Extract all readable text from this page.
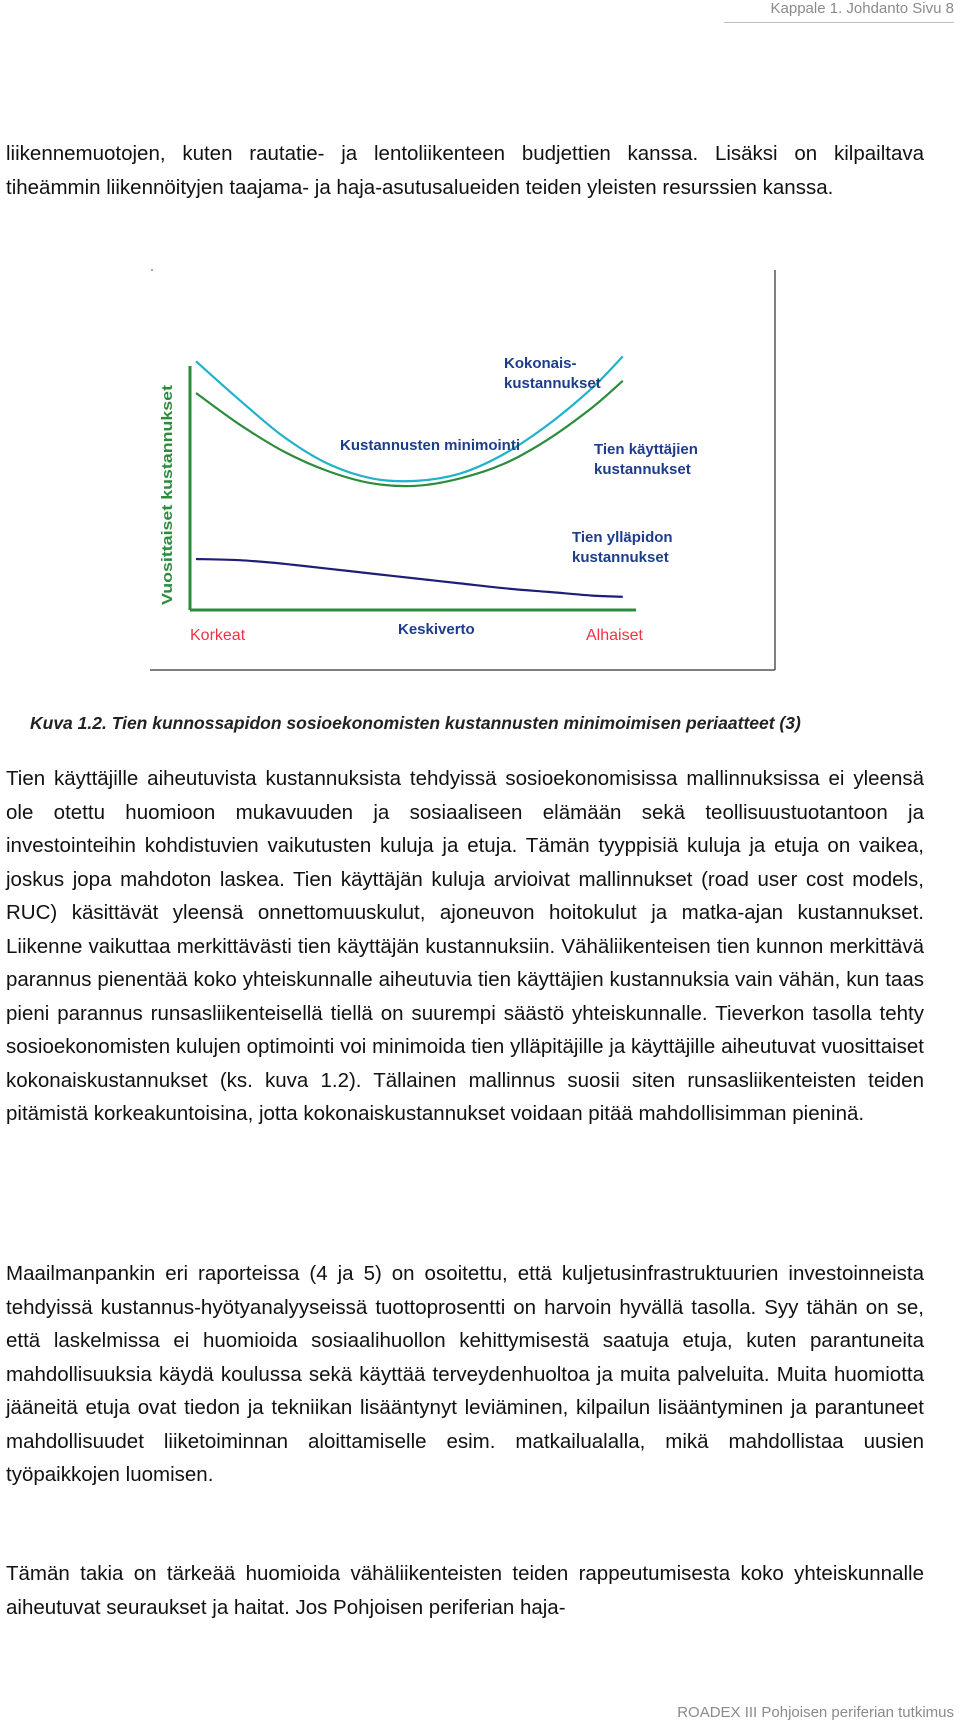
Kappale 1. Johdanto Sivu 8

liikennemuotojen, kuten rautatie- ja lentoliikenteen budjettien kanssa. Lisäksi on kilpailtava tiheämmin liikennöityjen taajama- ja haja-asutusalueiden teiden yleisten resurssien kanssa.

Vuosittaiset kustannukset
Kokonais-
kustannukset
Tien käyttäjien
kustannukset
Tien ylläpidon
kustannukset
Kustannusten minimointi
Korkeat	Keskiverto	Alhaiset
Kuva 1.2. Tien kunnossapidon sosioekonomisten kustannusten minimoimisen periaatteet (3)

Tien käyttäjille aiheutuvista kustannuksista tehdyissä sosioekonomisissa mallinnuksissa ei yleensä ole otettu huomioon mukavuuden ja sosiaaliseen elämään sekä teollisuustuotantoon ja investointeihin kohdistuvien vaikutusten kuluja ja etuja. Tämän tyyppisiä kuluja ja etuja on vaikea, joskus jopa mahdoton laskea. Tien käyttäjän kuluja arvioivat mallinnukset (road user cost models, RUC) käsittävät yleensä onnettomuuskulut, ajoneuvon hoitokulut ja matka-ajan kustannukset. Liikenne vaikuttaa merkittävästi tien käyttäjän kustannuksiin. Vähäliikenteisen tien kunnon merkittävä parannus pienentää koko yhteiskunnalle aiheutuvia tien käyttäjien kustannuksia vain vähän, kun taas pieni parannus runsasliikenteisellä tiellä on suurempi säästö yhteiskunnalle. Tieverkon tasolla tehty sosioekonomisten kulujen optimointi voi minimoida tien ylläpitäjille ja käyttäjille aiheutuvat vuosittaiset kokonaiskustannukset (ks. kuva 1.2). Tällainen mallinnus suosii siten runsasliikenteisten teiden pitämistä korkeakuntoisina, jotta kokonaiskustannukset voidaan pitää mahdollisimman pieninä.

Maailmanpankin eri raporteissa (4 ja 5) on osoitettu, että kuljetusinfrastruktuurien investoinneista tehdyissä kustannus-hyötyanalyyseissä tuottoprosentti on harvoin hyvällä tasolla. Syy tähän on se, että laskelmissa ei huomioida sosiaalihuollon kehittymisestä saatuja etuja, kuten parantuneita mahdollisuuksia käydä koulussa sekä käyttää terveydenhuoltoa ja muita palveluita. Muita huomiotta jääneitä etuja ovat tiedon ja tekniikan lisääntynyt leviäminen, kilpailun lisääntyminen ja parantuneet mahdollisuudet liiketoiminnan aloittamiselle esim. matkailualalla, mikä mahdollistaa uusien työpaikkojen luomisen.

Tämän takia on tärkeää huomioida vähäliikenteisten teiden rappeutumisesta koko yhteiskunnalle aiheutuvat seuraukset ja haitat. Jos Pohjoisen periferian haja-

ROADEX III Pohjoisen periferian tutkimus
